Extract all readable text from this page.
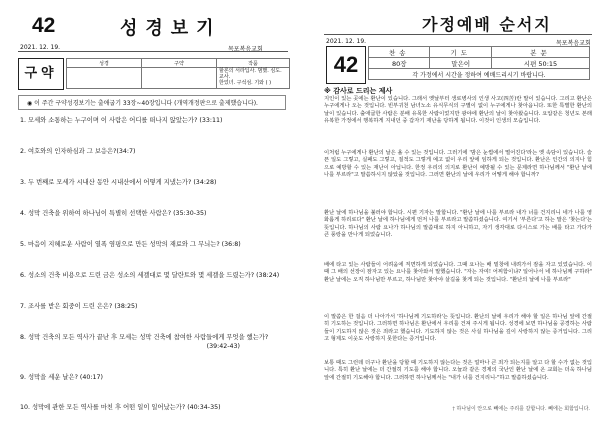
42	성경보기
2021. 12. 19.	목포복음교회
구약
성경	구약	작품
		할론의 서라딥사. 범했. 심도. 교사.
한었녀. 구석섬. 기와 ( )
◉ 이 주간 구약성경보기는 출애굽기 33장~40장입니다 (개역개정판으로 출제했습니다).
1. 모세와 소통하는 누구이며 이 사람은 어디를 떠나지 않았는가? (33:11)
2. 여호와의 인자하심과 그 보응은?(34:7)
3. 두 번째로 모세가 시내산 동안 시내산에서 어떻게 지냈는가? (34:28)
4. 성막 건축을 위하여 하나님이 특별히 선택한 사람은? (35:30-35)
5. 마음이 지혜로운 사람이 열폭 염핑으로 만든 성막의 재료와 그 무늬는? (36:8)
6. 성소의 건축 비용으로 드린 금은 성소의 세겔대로 몇 달란트와 몇 세겔을 드렸는가? (38:24)
7. 조사를 받은 회중이 드린 은은? (38:25)
8. 성막 건축의 모든 역사가 끝난 후 모세는 성막 건축에 참여한 사람들에게 무엇을 했는가?
(39:42-43)
9. 성막을 세운 날은? (40:17)
10. 성막에 관한 모든 역사를 마친 후 어떤 일이 일어났는가? (40:34-35)
가정예배 순서지
2021. 12. 19.	목포복음교회
42	찬송	기도	본문
80장	말은이	시편 50:15
각 가정에서 시간을 정하여 예배드리시기 바랍니다.		
※ 감사로 드리는 제사
지인이 있는 곳에는 환난이 있습니다. 그래서 옛날부터 생로병사의 인생 사고(四苦)란 말이 있습니다. 그리고 환난은 누구에게나 오는 것입니다. 빈부귀천 남녀노소 유식무식의 구별이 없이 누구에게나 찾아옵니다. 또한 특별한 환난의 날이 있습니다. 출애굽한 사람은 분배 유목한 사람이었지만 광야에 환난의 날이 찾아왔습니다. 요압같은 청년도 본래 유복한 가정에서 행복하게 지내던 중 갑자기 재난을 당하게 됩니다. 이것이 인생의 모습입니다.
이처럼 누구에게나 환난의 날은 올 수 있는 것입니다. 그러기에 '밤은 눈썹에서 떨어진다'라는 옛 속담이 있습니다. 슬픈 일도 그렇고, 실패도 그렇고, 질적도 그렇게 예고 없이 우리 앞에 임하게 되는 것입니다. 환난은 인간의 의지나 힘으로 예방할 수 있는 재난이 아닙니다. 한정 우리의 의지로 환난이 예방될 수 있는 문제라면 하나님께서 "환난 날에 나를 부르라"고 말씀하시지 않았을 것입니다. 그러면 환난의 날에 우리가 어떻게 해야 합니까?
환난 날에 하나님을 불러야 합니다. 시편 기자는 말합니다. "환난 날에 나를 부르라 내가 너를 건지리니 네가 나를 영화롭게 하리로다" 환난 날에 하나님에게 먼저 나를 부르라고 말씀하셨습니다. 여기서 '부른다'고 하는 말은 '찾는다'는 뜻입니다. 하나님의 사람 요나가 하나님의 말씀대로 하지 아니하고, 자기 생각대로 다시스로 가는 배를 타고 가다가 큰 풍랑을 만나게 되었습니다.
배에 타고 있는 사람들이 어려움에 직면하게 되었습니다. 그때 요나는 배 밑창에 내려가서 잠을 자고 있었습니다. 이때 그 배의 선장이 잠자고 있는 요나를 찾아와서 말했습니다. "자는 자여! 어찌함이냐? 일어나서 네 하나님께 구하라" 환난 날에는 오직 하나님만 부르고, 하나님만 찾아야 살길을 찾게 되는 것입니다. "환난의 날에 나를 부르라"
이 말씀은 한 걸음 더 나아가서 '하나님께 기도하라'는 뜻입니다. 환난의 날에 우리가 해야 할 일은 하나님 앞에 간절히 기도하는 것입니다. 그러하면 하나님은 환난에서 우리를 건져 주시게 됩니다. 성경에 보면 하나님을 공경하는 사람들이 기도하지 않은 것은 죄라고 했습니다. 기도하지 않는 것은 사실 하나님을 깊이 사랑하지 않는 증거입니다. 그리고 형제도 이웃도 사랑하지 못한다는 증거입니다.
보통 때도 그런데 더구나 환난을 당할 때 기도하지 않는다는 것은 얼마나 큰 죄가 되는지를 알고 다 할 수가 없는 것입니다. 특히 환난 날에는 더 간절히 기도를 해야 합니다. 오늘과 같은 경제의 국난인 환난 날에 온 교회는 더욱 하나님 앞에 간절히 기도해야 합니다. 그러하면 하나님께서는 "내가 너를 건지리니-"하고 말씀하셨습니다.
† 하나님이 안으로 뻬에는 주리를 갈합니다. 뻬에는 회함입니다.
